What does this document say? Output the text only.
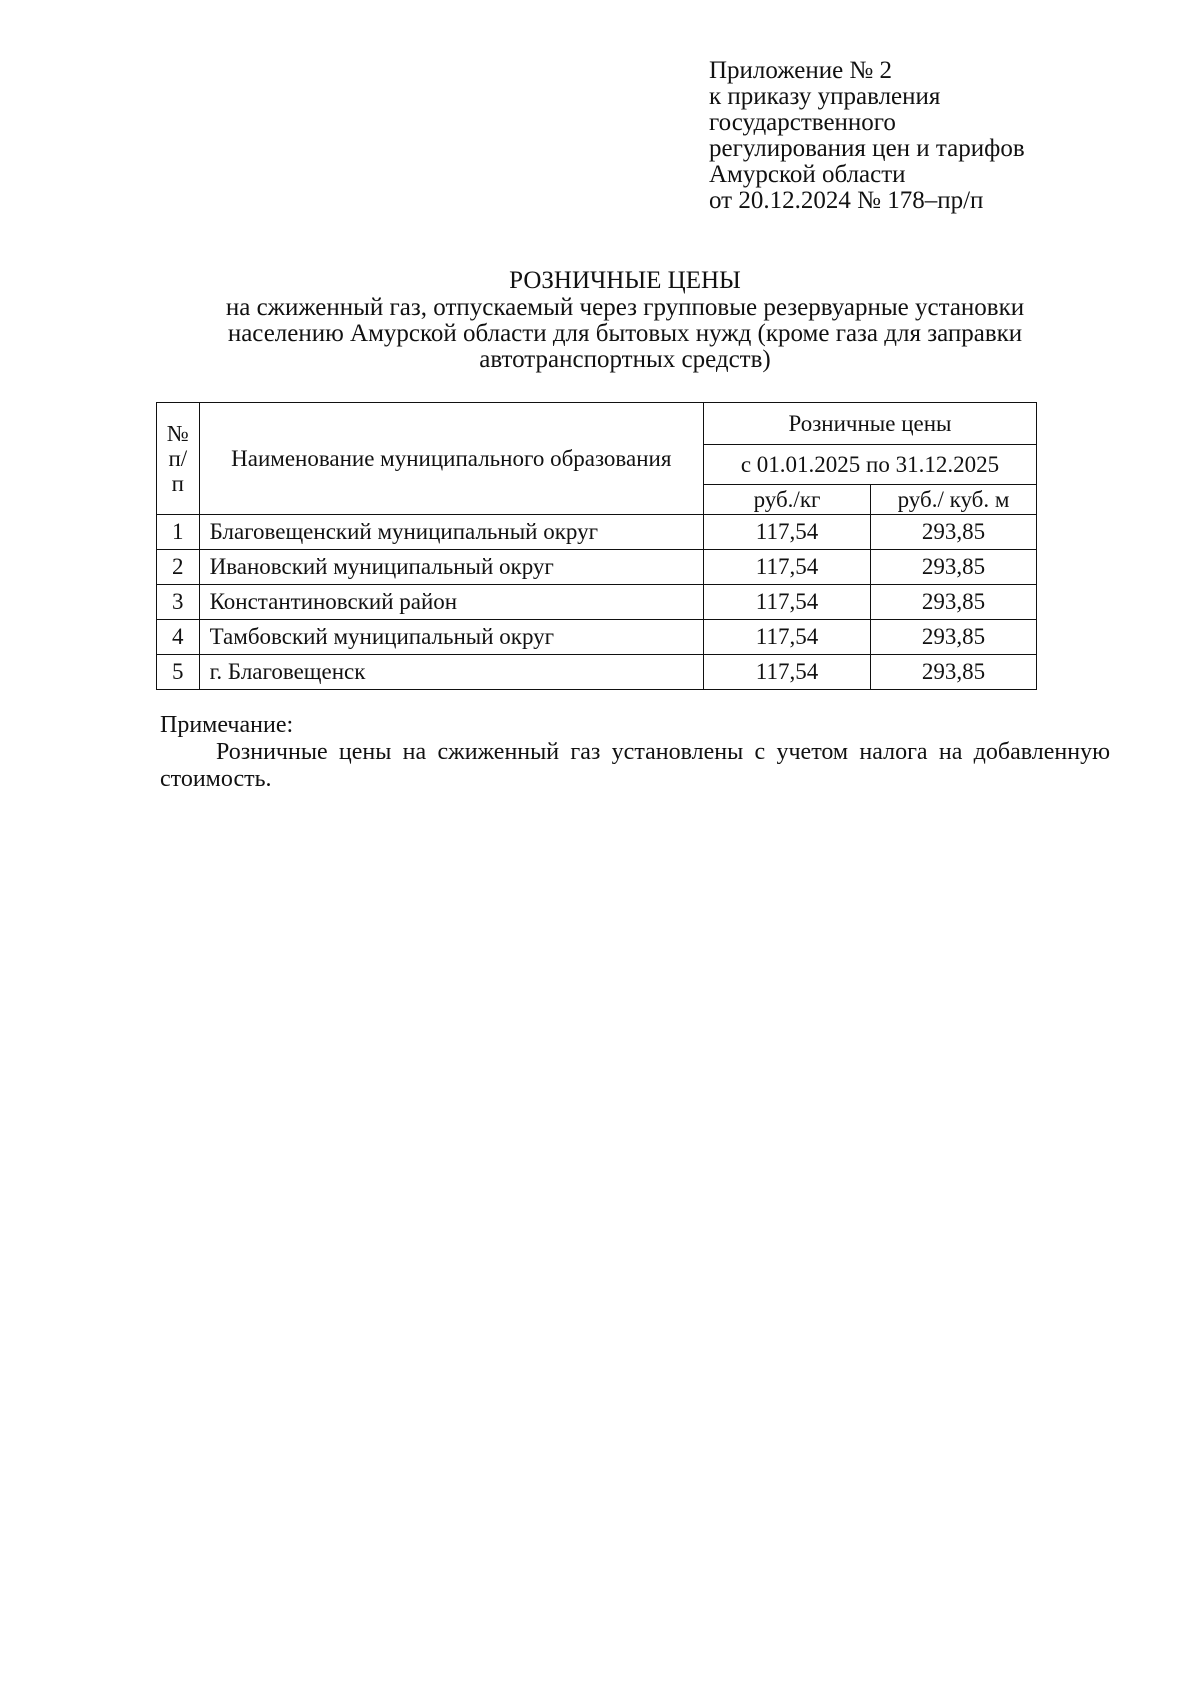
Приложение № 2
к приказу управления
государственного
регулирования цен и тарифов
Амурской области
от 20.12.2024 № 178–пр/п
РОЗНИЧНЫЕ ЦЕНЫ
на сжиженный газ, отпускаемый через групповые резервуарные установки
населению Амурской области для бытовых нужд (кроме газа для заправки
автотранспортных средств)
№ п/п	Наименование муниципального образования	Розничные цены	
		с 01.01.2025 по 31.12.2025	
		руб./кг	руб./ куб. м
1	Благовещенский муниципальный округ	117,54	293,85
2	Ивановский муниципальный округ	117,54	293,85
3	Константиновский район	117,54	293,85
4	Тамбовский муниципальный округ	117,54	293,85
5	г. Благовещенск	117,54	293,85
Примечание:
Розничные цены на сжиженный газ установлены с учетом налога на добавленную стоимость.
